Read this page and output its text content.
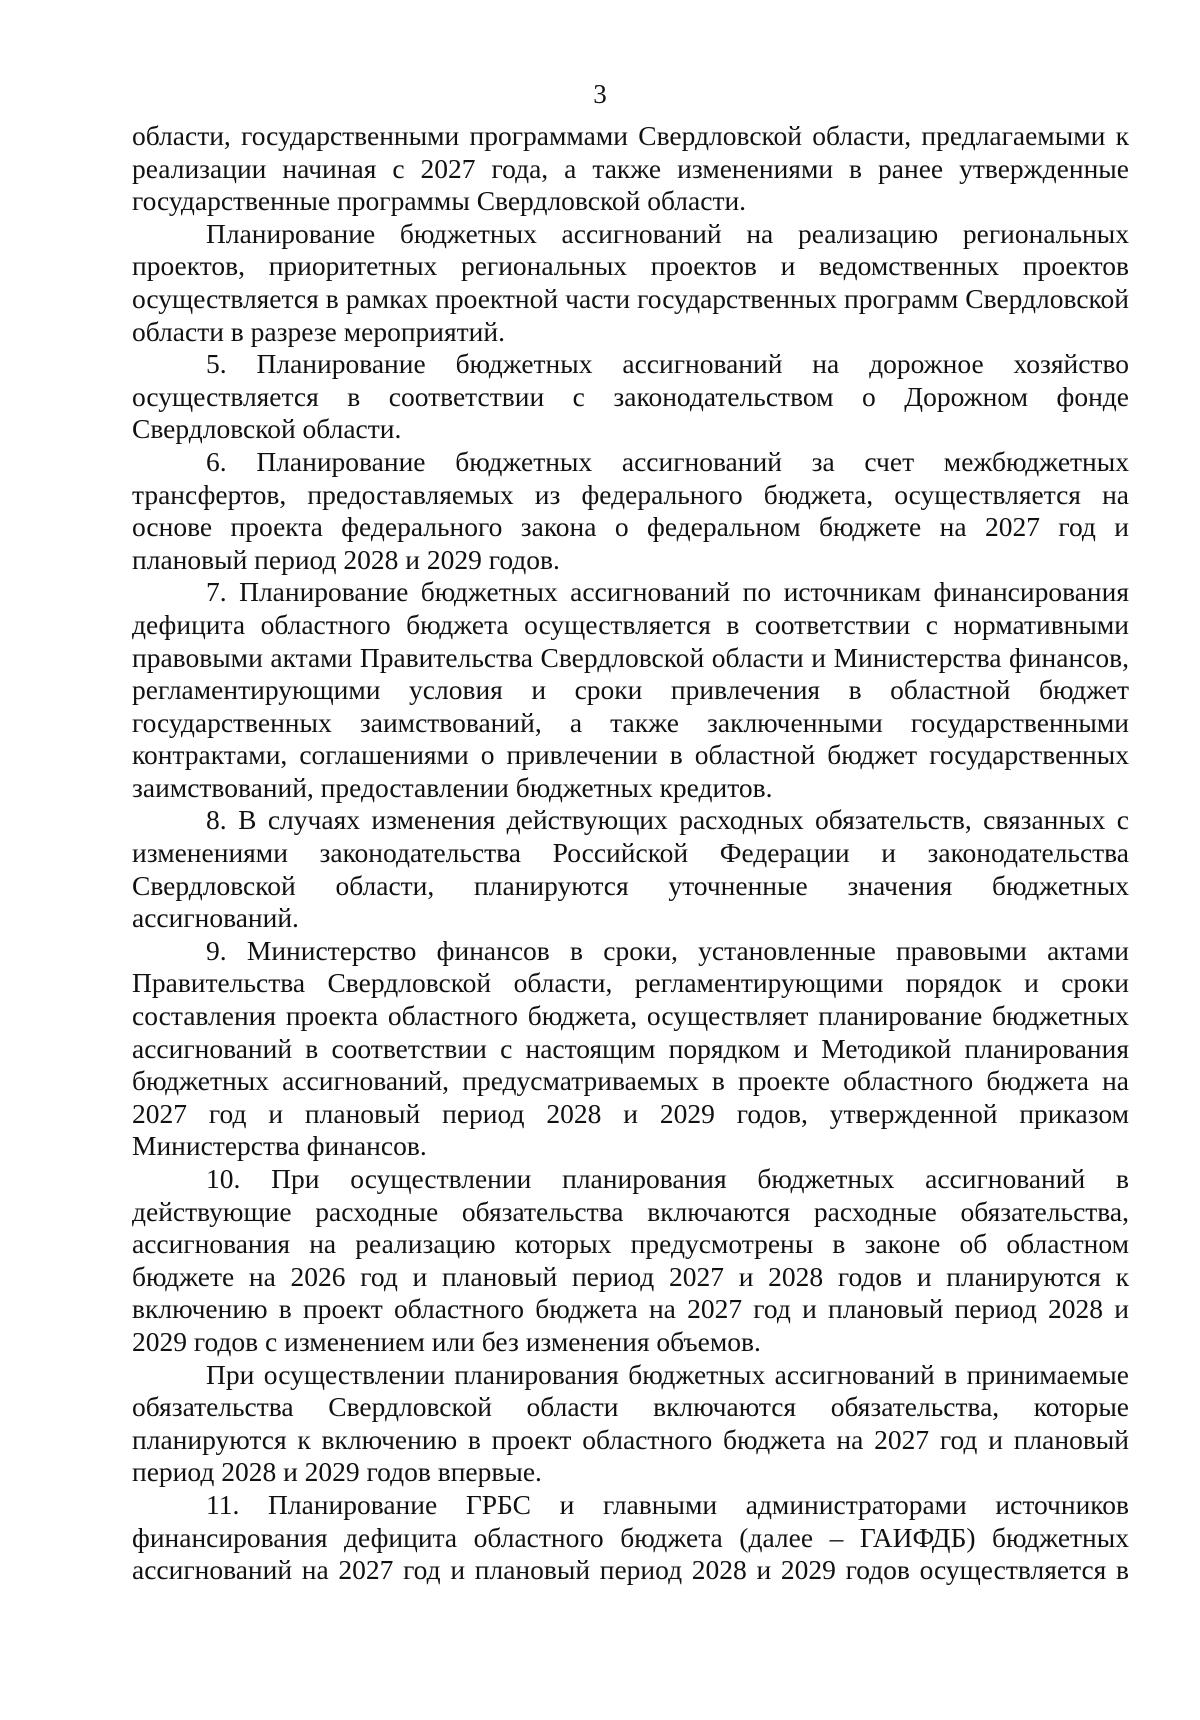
3

области, государственными программами Свердловской области, предлагаемыми к реализации начиная с 2027 года, а также изменениями в ранее утвержденные государственные программы Свердловской области.

Планирование бюджетных ассигнований на реализацию региональных проектов, приоритетных региональных проектов и ведомственных проектов осуществляется в рамках проектной части государственных программ Свердловской области в разрезе мероприятий.

5. Планирование бюджетных ассигнований на дорожное хозяйство осуществляется в соответствии с законодательством о Дорожном фонде Свердловской области.

6. Планирование бюджетных ассигнований за счет межбюджетных трансфертов, предоставляемых из федерального бюджета, осуществляется на основе проекта федерального закона о федеральном бюджете на 2027 год и плановый период 2028 и 2029 годов.

7. Планирование бюджетных ассигнований по источникам финансирования дефицита областного бюджета осуществляется в соответствии с нормативными правовыми актами Правительства Свердловской области и Министерства финансов, регламентирующими условия и сроки привлечения в областной бюджет государственных заимствований, а также заключенными государственными контрактами, соглашениями о привлечении в областной бюджет государственных заимствований, предоставлении бюджетных кредитов.

8. В случаях изменения действующих расходных обязательств, связанных с изменениями законодательства Российской Федерации и законодательства Свердловской области, планируются уточненные значения бюджетных ассигнований.

9. Министерство финансов в сроки, установленные правовыми актами Правительства Свердловской области, регламентирующими порядок и сроки составления проекта областного бюджета, осуществляет планирование бюджетных ассигнований в соответствии с настоящим порядком и Методикой планирования бюджетных ассигнований, предусматриваемых в проекте областного бюджета на 2027 год и плановый период 2028 и 2029 годов, утвержденной приказом Министерства финансов.

10. При осуществлении планирования бюджетных ассигнований в действующие расходные обязательства включаются расходные обязательства, ассигнования на реализацию которых предусмотрены в законе об областном бюджете на 2026 год и плановый период 2027 и 2028 годов и планируются к включению в проект областного бюджета на 2027 год и плановый период 2028 и 2029 годов с изменением или без изменения объемов.

При осуществлении планирования бюджетных ассигнований в принимаемые обязательства Свердловской области включаются обязательства, которые планируются к включению в проект областного бюджета на 2027 год и плановый период 2028 и 2029 годов впервые.

11. Планирование ГРБС и главными администраторами источников финансирования дефицита областного бюджета (далее – ГАИФДБ) бюджетных ассигнований на 2027 год и плановый период 2028 и 2029 годов осуществляется в
